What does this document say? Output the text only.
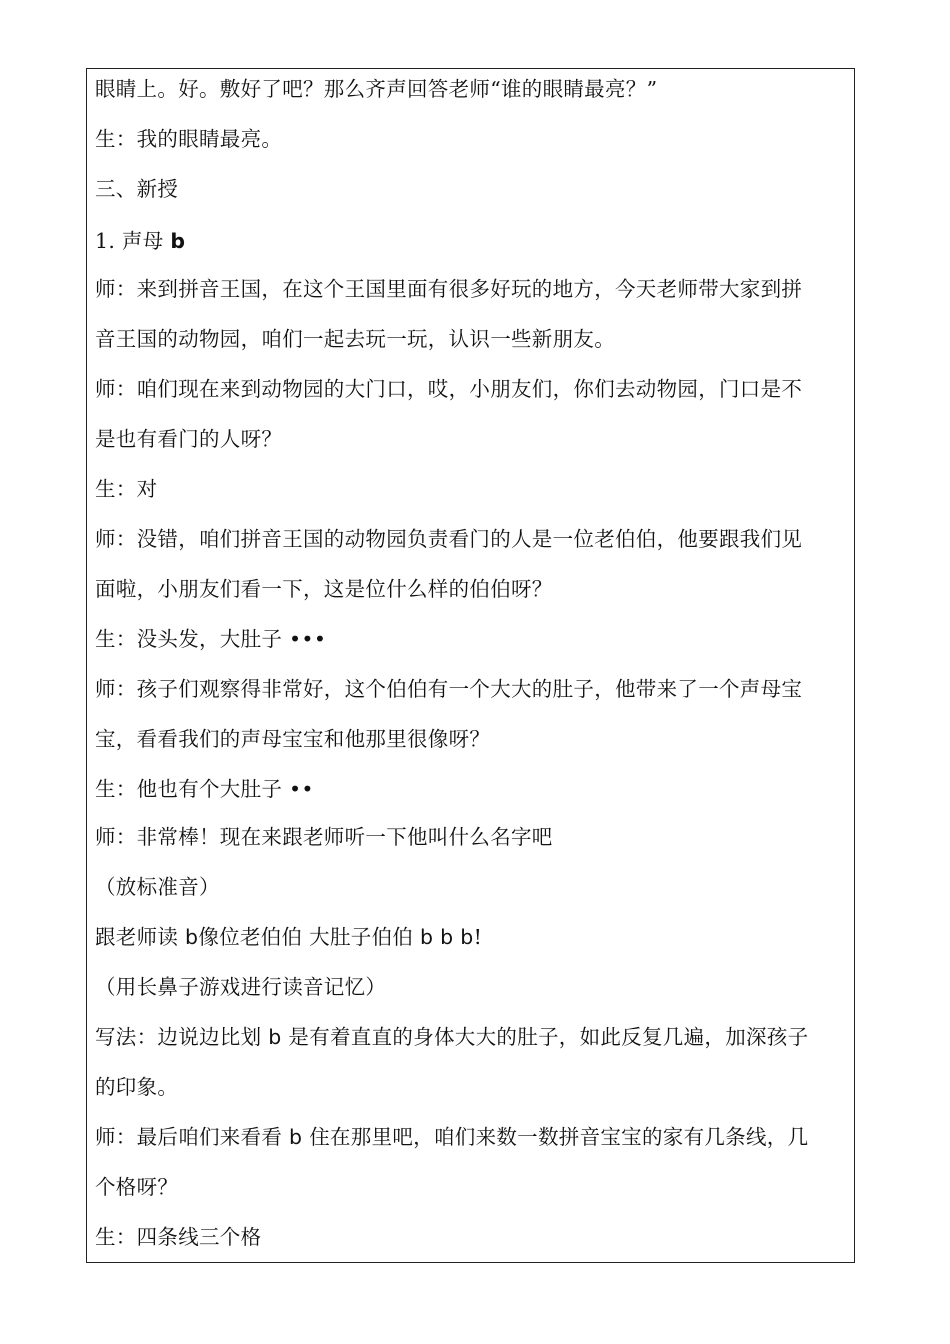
眼睛上。好。敷好了吧？那么齐声回答老师“谁的眼睛最亮？”
生：我的眼睛最亮。
三、新授
1. 声母 b
师：来到拼音王国，在这个王国里面有很多好玩的地方，今天老师带大家到拼
音王国的动物园，咱们一起去玩一玩，认识一些新朋友。
师：咱们现在来到动物园的大门口，哎，小朋友们，你们去动物园，门口是不
是也有看门的人呀？
生：对
师：没错，咱们拼音王国的动物园负责看门的人是一位老伯伯，他要跟我们见
面啦，小朋友们看一下，这是位什么样的伯伯呀？
生：没头发，大肚子 •••
师：孩子们观察得非常好，这个伯伯有一个大大的肚子，他带来了一个声母宝
宝，看看我们的声母宝宝和他那里很像呀？
生：他也有个大肚子 ••
师：非常棒！现在来跟老师听一下他叫什么名字吧
（放标准音）
跟老师读 b像位老伯伯 大肚子伯伯 b b b!
（用长鼻子游戏进行读音记忆）
写法：边说边比划 b 是有着直直的身体大大的肚子，如此反复几遍，加深孩子
的印象。
师：最后咱们来看看 b 住在那里吧，咱们来数一数拼音宝宝的家有几条线，几
个格呀？
生：四条线三个格
